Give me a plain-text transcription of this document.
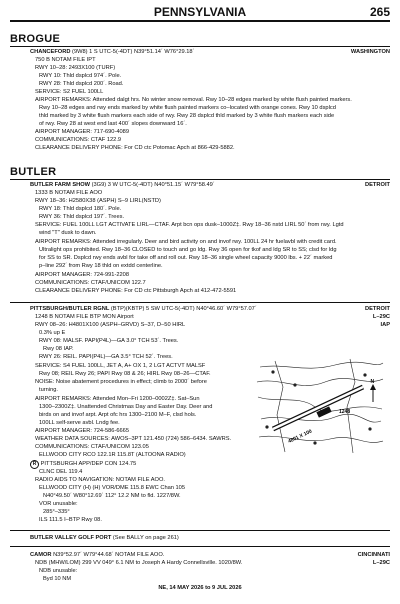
PENNSYLVANIA	265
BROGUE
CHANCEFORD (9W8) 1 S UTC-5(-4DT) N39°51.14´ W76°29.18´	WASHINGTON
750 B NOTAM FILE IPT
RWY 10–28: 2493X100 (TURF)
RWY 10: Thld dsplcd 974´. Pole.
RWY 28: Thld dsplcd 200´. Road.
SERVICE: S2 FUEL 100LL
AIRPORT REMARKS: Attended dalgt hrs. No winter snow removal. Rwy 10–28 edges marked by white flush painted markers.
Rwy 10–28 edges and rwy ends marked by white flush painted markers co–located with orange cones. Rwy 10 dsplcd
thld marked by 3 white flush markers each side of rwy. Rwy 28 dsplcd thld marked by 3 white flush markers each side
of rwy. Rwy 28 at west end last 400´ slopes downward 16´.
AIRPORT MANAGER: 717-690-4089
COMMUNICATIONS: CTAF 122.9
CLEARANCE DELIVERY PHONE: For CD ctc Potomac Apch at 866-429-5882.
BUTLER
BUTLER FARM SHOW (3G9) 3 W UTC-5(-4DT) N40°51.15´ W79°58.49´	DETROIT
1333 B NOTAM FILE AOO
RWY 18–36: H2580X38 (ASPH) S–9 LIRL(NSTD)
RWY 18: Thld dsplcd 180´. Pole.
RWY 36: Thld dsplcd 197´. Trees.
SERVICE: FUEL 100LL LGT ACTIVATE LIRL—CTAF. Arpt bcn ops dusk–1000Z‡. Rwy 18–36 nstd LIRL 50´ from rwy. Lgtd
wind "T" dusk to dawn.
AIRPORT REMARKS: Attended irregularly. Deer and bird activity on and invof rwy. 100LL 24 hr fuelavbl with credit card.
Ultralight ops prohibited. Rwy 18–36 CLOSED to touch and go ldg. Rwy 36 open for tkof and ldg SR to SS; clsd for ldg
for SS to SR. Dsplcd rwy ends avbl for take off and roll out. Rwy 18–36 single wheel capacity 9000 lbs. + 22´ marked
p–line 292´ from Rwy 18 thld on extdd centerline.
AIRPORT MANAGER: 724-991-2208
COMMUNICATIONS: CTAF/UNICOM 122.7
CLEARANCE DELIVERY PHONE: For CD ctc Pittsburgh Apch at 412-472-5591
PITTSBURGH/BUTLER RGNL (BTP)(KBTP) 5 SW UTC-5(-4DT) N40°46.60´ W79°57.07´	DETROIT
1248 B NOTAM FILE BTP MON Airport	L–29C
IAP
RWY 08–26: H4801X100 (ASPH–GRVD) S–37, D–50 HIRL
0.3% up E
RWY 08: MALSF. PAPI(P4L)—GA 3.0° TCH 53´. Trees.
Rwy 08 IAP.
RWY 26: REIL. PAPI(P4L)—GA 3.5° TCH 52´. Trees.
SERVICE: S4 FUEL 100LL, JET A, A+ OX 1, 2 LGT ACTVT MALSF
Rwy 08; REIL Rwy 26; PAPI Rwy 08 & 26; HIRL Rwy 08–26—CTAF.
NOISE: Noise abatement procedures in effect; climb to 2000´ before
turning.
AIRPORT REMARKS: Attended Mon–Fri 1200–0002Z‡. Sat–Sun
1300–2300Z‡. Unattended Christmas Day and Easter Day. Deer and
birds on and invof arpt. Arpt ofc hrs 1300–2100 M–F, clsd hols.
100LL self-serve avbl. Lndg fee.
AIRPORT MANAGER: 724-586-6665
WEATHER DATA SOURCES: AWOS–3PT 121.450 (724) 586–6434. SAWRS.
COMMUNICATIONS: CTAF/UNICOM 123.05
ELLWOOD CITY RCO 122.1R 115.8T (ALTOONA RADIO)
R PITTSBURGH APP/DEP CON 124.75
CLNC DEL 119.4
RADIO AIDS TO NAVIGATION: NOTAM FILE AOO.
ELLWOOD CITY (H) (H) VOR/DME 115.8 EWC Chan 105
N40°49.50´ W80°12.69´ 112° 12.2 NM to fld. 1227/8W.
VOR unusable:
285°–335°
ILS 111.5 I–BTP Rwy 08.
4801 X 100
1248
N
BUTLER VALLEY GOLF PORT (See BALLY on page 261)
CAMOR N39°52.97´ W79°44.68´ NOTAM FILE AOO.	CINCINNATI
L–29C
NDB (MHW/LOM) 299 VV 049° 6.1 NM to Joseph A Hardy Connellsville. 1020/8W.
NDB unusable:
Byd 10 NM
NE, 14 MAY 2026 to 9 JUL 2026
